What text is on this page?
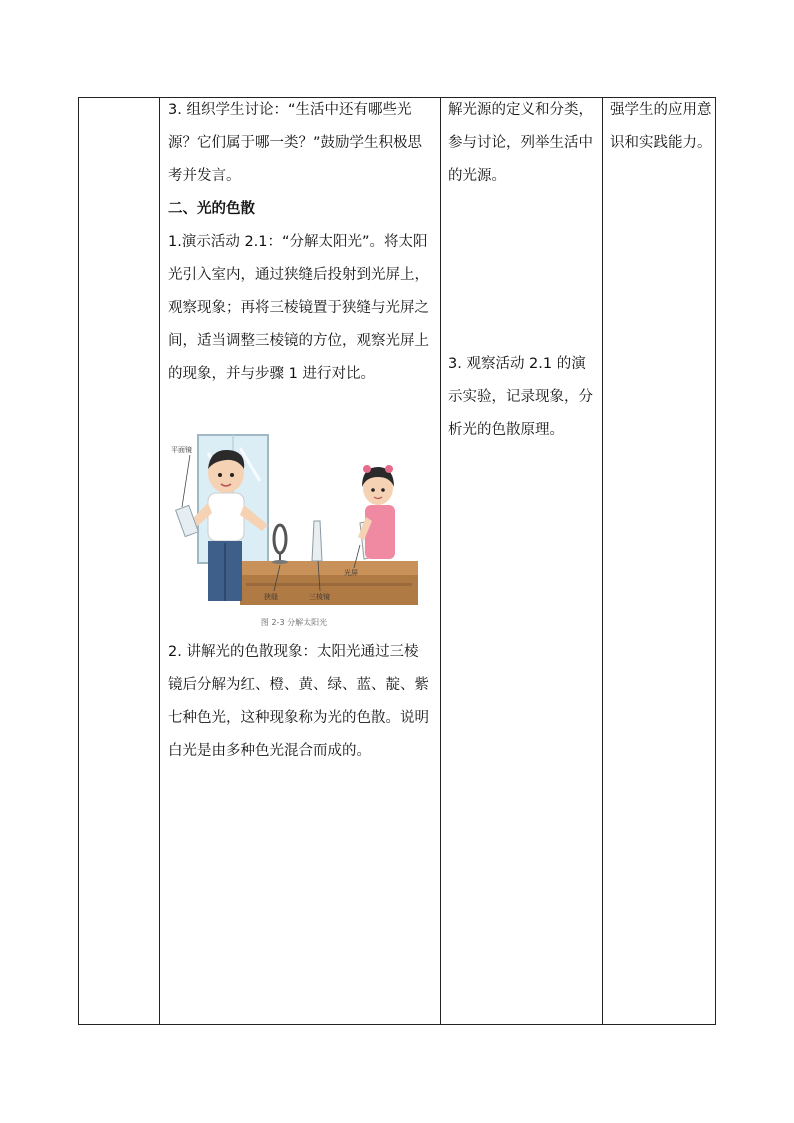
3. 组织学生讨论：“生活中还有哪些光源？它们属于哪一类？”鼓励学生积极思考并发言。

二、光的色散

1.演示活动 2.1：“分解太阳光”。将太阳光引入室内，通过狭缝后投射到光屏上，观察现象；再将三棱镜置于狭缝与光屏之间，适当调整三棱镜的方位，观察光屏上的现象，并与步骤 1 进行对比。

平面镜
狭缝	三棱镜
光屏
图 2-3 分解太阳光

2. 讲解光的色散现象：太阳光通过三棱镜后分解为红、橙、黄、绿、蓝、靛、紫七种色光，这种现象称为光的色散。说明白光是由多种色光混合而成的。

解光源的定义和分类，参与讨论，列举生活中的光源。

3. 观察活动 2.1 的演示实验，记录现象，分析光的色散原理。

强学生的应用意识和实践能力。
